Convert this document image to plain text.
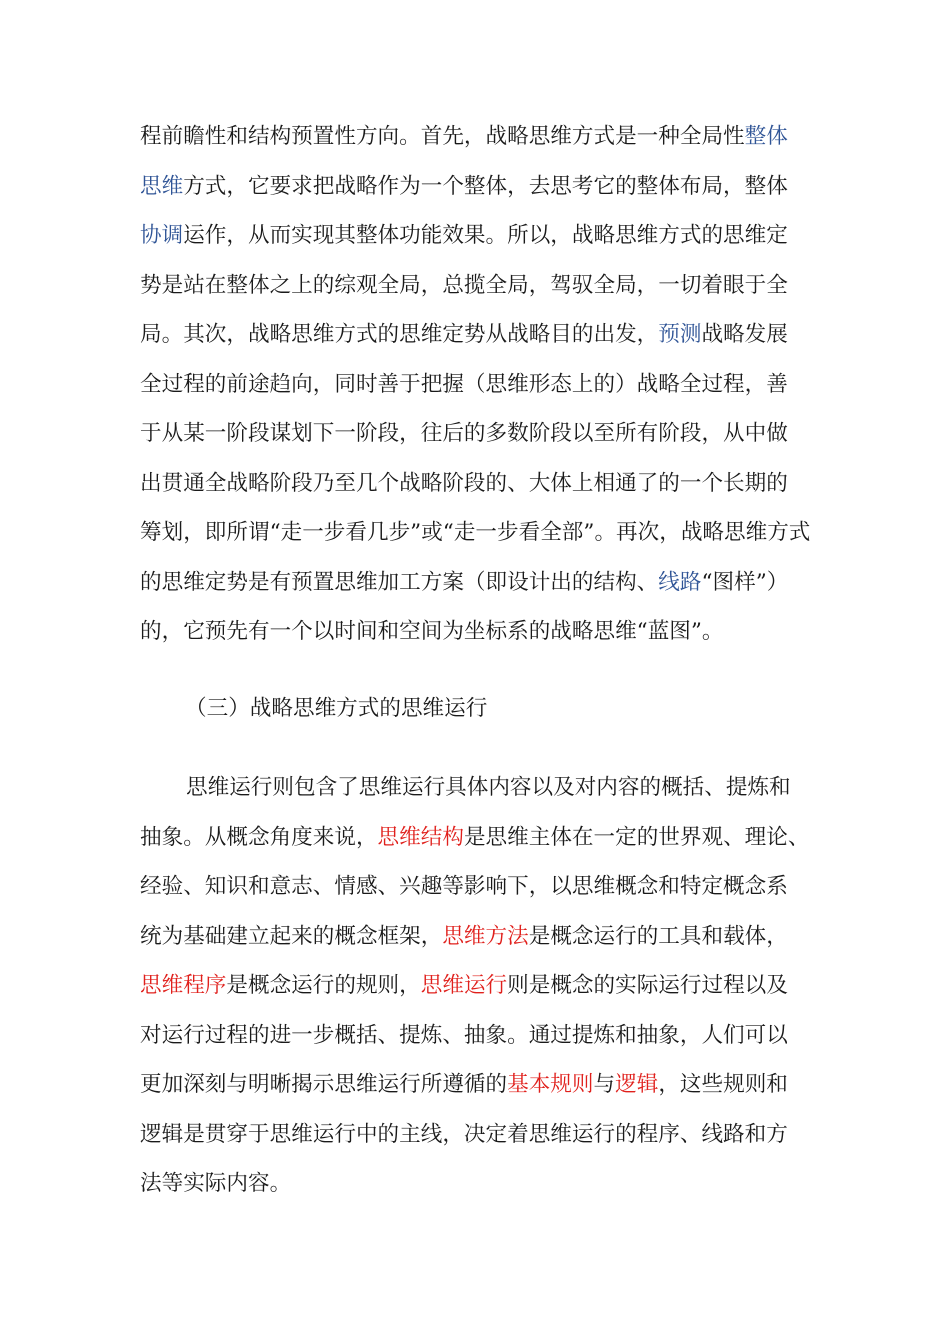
程前瞻性和结构预置性方向。首先，战略思维方式是一种全局性整体
思维方式，它要求把战略作为一个整体，去思考它的整体布局，整体
协调运作，从而实现其整体功能效果。所以，战略思维方式的思维定
势是站在整体之上的综观全局，总揽全局，驾驭全局，一切着眼于全
局。其次，战略思维方式的思维定势从战略目的出发，预测战略发展
全过程的前途趋向，同时善于把握（思维形态上的）战略全过程，善
于从某一阶段谋划下一阶段，往后的多数阶段以至所有阶段，从中做
出贯通全战略阶段乃至几个战略阶段的、大体上相通了的一个长期的
筹划，即所谓“走一步看几步”或“走一步看全部”。再次，战略思维方式
的思维定势是有预置思维加工方案（即设计出的结构、线路“图样”）
的，它预先有一个以时间和空间为坐标系的战略思维“蓝图”。
（三）战略思维方式的思维运行
思维运行则包含了思维运行具体内容以及对内容的概括、提炼和
抽象。从概念角度来说，思维结构是思维主体在一定的世界观、理论、
经验、知识和意志、情感、兴趣等影响下，以思维概念和特定概念系
统为基础建立起来的概念框架，思维方法是概念运行的工具和载体，
思维程序是概念运行的规则，思维运行则是概念的实际运行过程以及
对运行过程的进一步概括、提炼、抽象。通过提炼和抽象，人们可以
更加深刻与明晰揭示思维运行所遵循的基本规则与逻辑，这些规则和
逻辑是贯穿于思维运行中的主线，决定着思维运行的程序、线路和方
法等实际内容。
